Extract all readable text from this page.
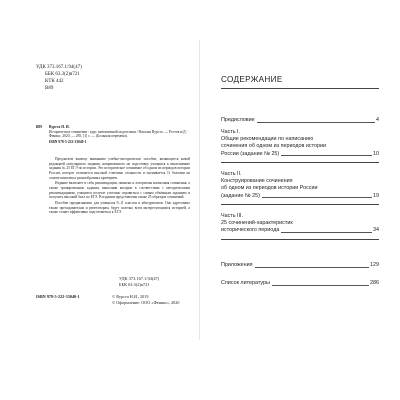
УДК 373.167.1:94(47)
ББК 63.3(2)я721
КТК 442
В89
В89	Вурста Н. И.
Историческое сочинение : курс интенсивной подготовки / Наталья Вурста. — Ростов н/Д : Феникс, 2020. — 285, [1] с. — (Большая перемена).
ISBN 978-5-222-33040-1

Предлагаем вашему вниманию учебно-методическое пособие, являющееся новой редакцией популярного издания, направленного на подготовку учащихся к выполнению задания № 25 ЕГЭ по истории. Это историческое сочинение об одном из периодов истории России, которое отличается высокой степенью сложности и оценивается 11 баллами на основе комплекса разнообразных критериев.

Издание включает в себя рекомендации, памятки и алгоритмы написания сочинения, а также тренировочные задания, выполнив которые в соответствии с методическими рекомендациями, учащиеся получат успешно справиться с самым объёмным заданием и получить высокий балл по ЕГЭ. В издании представлены также 25 образцов сочинений.

Пособие предназначено для учащихся 9–11 классов и абитуриентов. Оно адресовано также преподавателям и репетиторам, будет полезно всем интересующимся историей, а также станет эффективно подготовиться к ЕГЭ.

УДК 373.167.1:94(47)
ББК 63.3(2)я721
ISBN 978-5-222-33040-1	© Вурста Н.И., 2019
© Оформление: ООО «Феникс», 2020
СОДЕРЖАНИЕ
Предисловие	4
Часть I.
Общие рекомендации по написанию
сочинения об одном из периодов истории
России (задание № 25)	10
Часть II.
Конструирование сочинения
об одном из периодов истории России
(задание № 25)	19
Часть III.
25 сочинений-характеристик
исторического периода	34
Приложения	129
Список литературы	286
